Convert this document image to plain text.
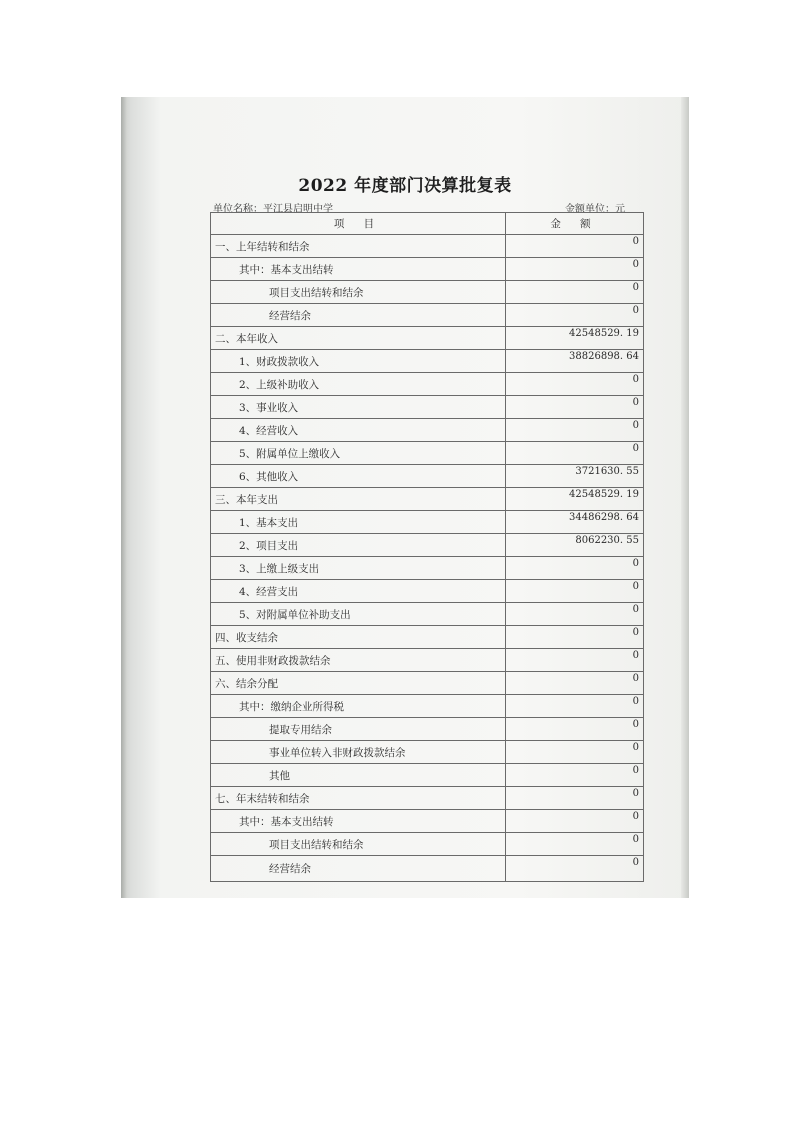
2022 年度部门决算批复表
单位名称：平江县启明中学	金额单位：元
项 目	金 额
一、上年结转和结余	0
其中：基本支出结转	0
项目支出结转和结余	0
经营结余	0
二、本年收入	42548529. 19
1、财政拨款收入	38826898. 64
2、上级补助收入	0
3、事业收入	0
4、经营收入	0
5、附属单位上缴收入	0
6、其他收入	3721630. 55
三、本年支出	42548529. 19
1、基本支出	34486298. 64
2、项目支出	8062230. 55
3、上缴上级支出	0
4、经营支出	0
5、对附属单位补助支出	0
四、收支结余	0
五、使用非财政拨款结余	0
六、结余分配	0
其中：缴纳企业所得税	0
提取专用结余	0
事业单位转入非财政拨款结余	0
其他	0
七、年末结转和结余	0
其中：基本支出结转	0
项目支出结转和结余	0
经营结余	0
